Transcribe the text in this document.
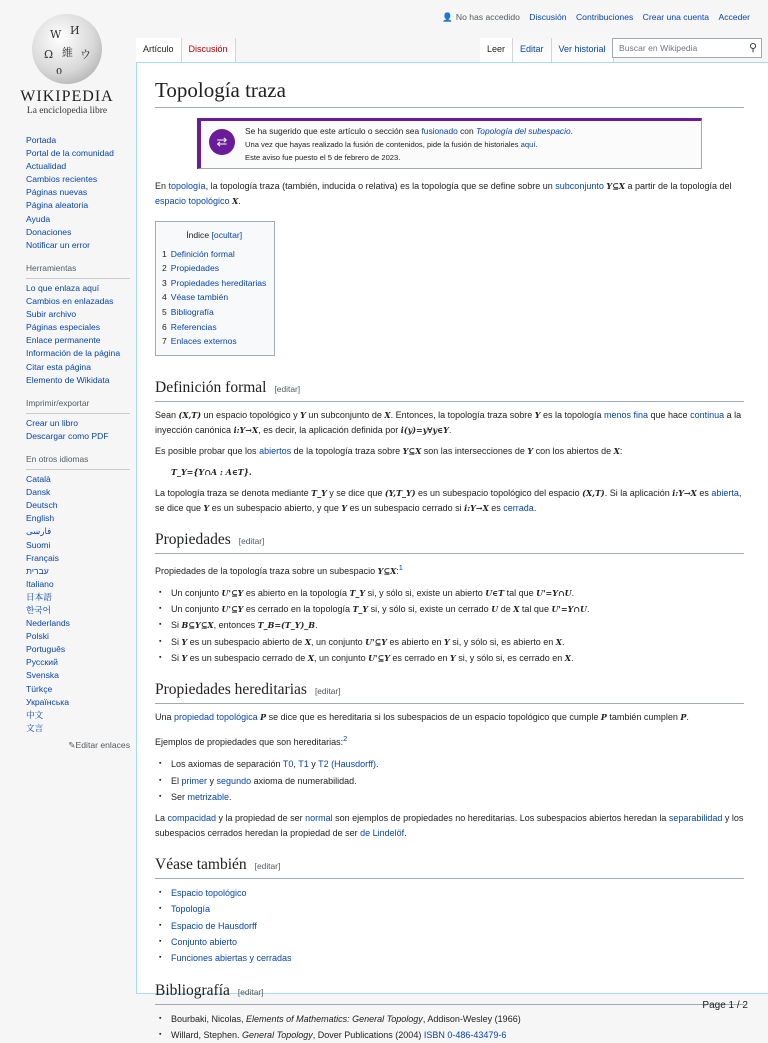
W И
Ω 維 ウ
ი
WIKIPEDIA
La enciclopedia libre
👤 No has accedido Discusión Contribuciones Crear una cuenta Acceder
Artículo	Discusión	Leer	Editar	Ver historial	Buscar en Wikipedia	⚲
Portada
Portal de la comunidad
Actualidad
Cambios recientes
Páginas nuevas
Página aleatoria
Ayuda
Donaciones
Notificar un error
Herramientas
Lo que enlaza aquí
Cambios en enlazadas
Subir archivo
Páginas especiales
Enlace permanente
Información de la página
Citar esta página
Elemento de Wikidata
Imprimir/exportar
Crear un libro
Descargar como PDF
En otros idiomas
Català
Dansk
Deutsch
English
فارسی
Suomi
Français
עברית
Italiano
日本語
한국어
Nederlands
Polski
Português
Русский
Svenska
Türkçe
Українська
中文
文言
✎Editar enlaces
Topología traza
⇄
Se ha sugerido que este artículo o sección sea fusionado con Topología del subespacio.
Una vez que hayas realizado la fusión de contenidos, pide la fusión de historiales aquí.
Este aviso fue puesto el 5 de febrero de 2023.

En topología, la topología traza (también, inducida o relativa) es la topología que se define sobre un subconjunto Y⊆X a partir de la topología del espacio topológico X.

Índice [ocultar]
1 Definición formal
2 Propiedades
3 Propiedades hereditarias
4 Véase también
5 Bibliografía
6 Referencias
7 Enlaces externos
Definición formal [editar]

Sean (X,T) un espacio topológico y Y un subconjunto de X. Entonces, la topología traza sobre Y es la topología menos fina que hace continua a la inyección canónica i:Y→X, es decir, la aplicación definida por i(y)=y∀y∈Y.

Es posible probar que los abiertos de la topología traza sobre Y⊆X son las intersecciones de Y con los abiertos de X:

T_Y={Y∩A : A∈T}.

La topología traza se denota mediante T_Y y se dice que (Y,T_Y) es un subespacio topológico del espacio (X,T). Si la aplicación i:Y→X es abierta, se dice que Y es un subespacio abierto, y que Y es un subespacio cerrado si i:Y→X es cerrada.

Propiedades [editar]

Propiedades de la topología traza sobre un subespacio Y⊆X:$^1$

▪ Un conjunto U'⊆Y es abierto en la topología T_Y si, y sólo si, existe un abierto U∈T tal que U'=Y∩U.
▪ Un conjunto U'⊆Y es cerrado en la topología T_Y si, y sólo si, existe un cerrado U de X tal que U'=Y∩U.
▪ Si B⊆Y⊆X, entonces T_B=(T_Y)_B.
▪ Si Y es un subespacio abierto de X, un conjunto U'⊆Y es abierto en Y si, y sólo si, es abierto en X.
▪ Si Y es un subespacio cerrado de X, un conjunto U'⊆Y es cerrado en Y si, y sólo si, es cerrado en X.
Propiedades hereditarias [editar]

Una propiedad topológica P se dice que es hereditaria si los subespacios de un espacio topológico que cumple P también cumplen P.

Ejemplos de propiedades que son hereditarias:$^2$

▪ Los axiomas de separación T0, T1 y T2 (Hausdorff).
▪ El primer y segundo axioma de numerabilidad.
▪ Ser metrizable.

La compacidad y la propiedad de ser normal son ejemplos de propiedades no hereditarias. Los subespacios abiertos heredan la separabilidad y los subespacios cerrados heredan la propiedad de ser de Lindelöf.

Véase también [editar]
▪ Espacio topológico
▪ Topología
▪ Espacio de Hausdorff
▪ Conjunto abierto
▪ Funciones abiertas y cerradas
Bibliografía [editar]
▪ Bourbaki, Nicolas, Elements of Mathematics: General Topology, Addison-Wesley (1966)
▪ Willard, Stephen. General Topology, Dover Publications (2004) ISBN 0-486-43479-6
Page 1 / 2
